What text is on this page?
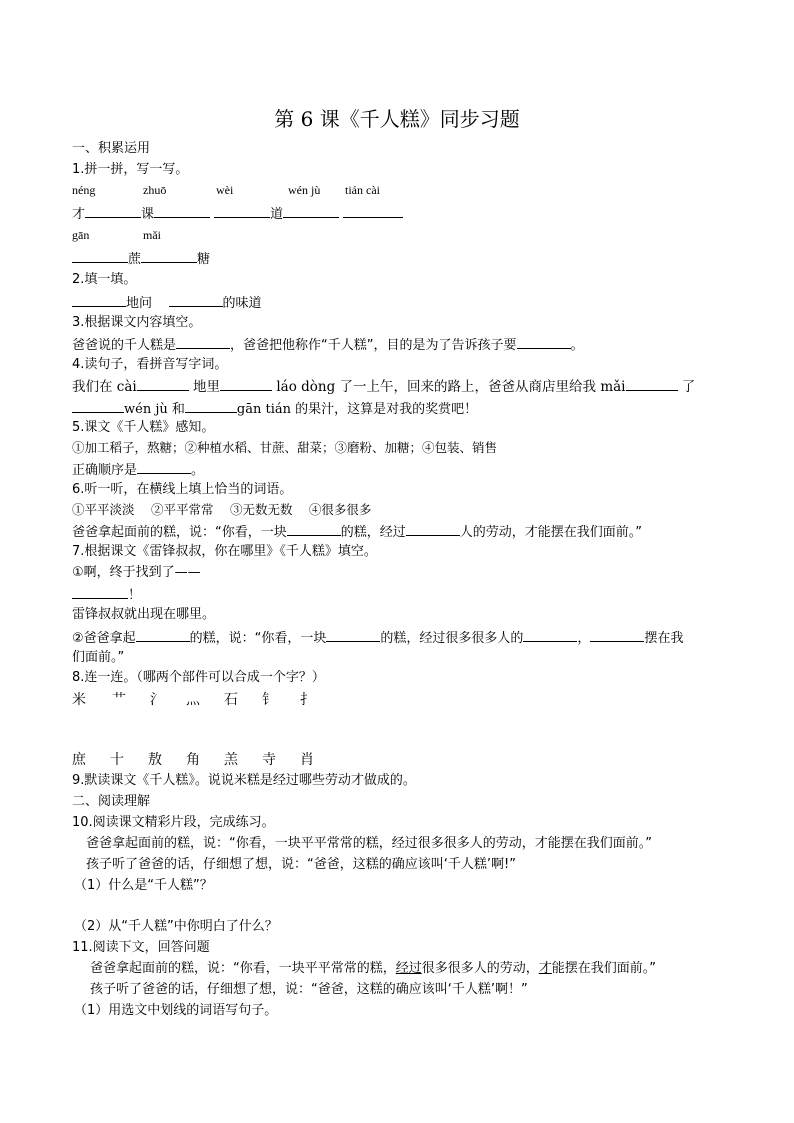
第 6 课《千人糕》同步习题
一、积累运用
1.拼一拼，写一写。
néng	zhuō	wèi	wén jù tián cài
才	课	道
gān	mǎi
蔗	糖
2.填一填。
地问	的味道
3.根据课文内容填空。
爸爸说的千人糕是	，爸爸把他称作“千人糕”，目的是为了告诉孩子要	。
4.读句子，看拼音写字词。
我们在 cài	地里	láo dòng 了一上午，回来的路上，爸爸从商店里给我 mǎi	了
wén jù 和	gān tián 的果汁，这算是对我的奖赏吧！
5.课文《千人糕》感知。
①加工稻子，熬糖；②种植水稻、甘蔗、甜菜；③磨粉、加糖；④包装、销售
正确顺序是	。
6.听一听，在横线上填上恰当的词语。
①平平淡淡　 ②平平常常　 ③无数无数　 ④很多很多
爸爸拿起面前的糕，说：“你看，一块	的糕，经过	人的劳动，才能摆在我们面前。”
7.根据课文《雷锋叔叔，你在哪里》《千人糕》填空。
①啊，终于找到了——
！
雷锋叔叔就出现在哪里。
②爸爸拿起	的糕，说：“你看，一块	的糕，经过很多很多人的	，	摆在我
们面前。”
8.连一连。（哪两个部件可以合成一个字？）
米 艹 氵 灬 石 钅 扌
庶 十 敖 角 羔 寺 肖
9.默读课文《千人糕》。说说米糕是经过哪些劳动才做成的。
二、阅读理解
10.阅读课文精彩片段，完成练习。
爸爸拿起面前的糕，说：“你看，一块平平常常的糕，经过很多很多人的劳动，才能摆在我们面前。”
孩子听了爸爸的话，仔细想了想，说：“爸爸，这糕的确应该叫‘千人糕’啊!”
（1）什么是“千人糕”？
（2）从“千人糕”中你明白了什么？
11.阅读下文，回答问题
爸爸拿起面前的糕，说：“你看，一块平平常常的糕，经过很多很多人的劳动，才能摆在我们面前。”
孩子听了爸爸的话，仔细想了想，说：“爸爸，这糕的确应该叫‘千人糕’啊！”
（1）用选文中划线的词语写句子。
